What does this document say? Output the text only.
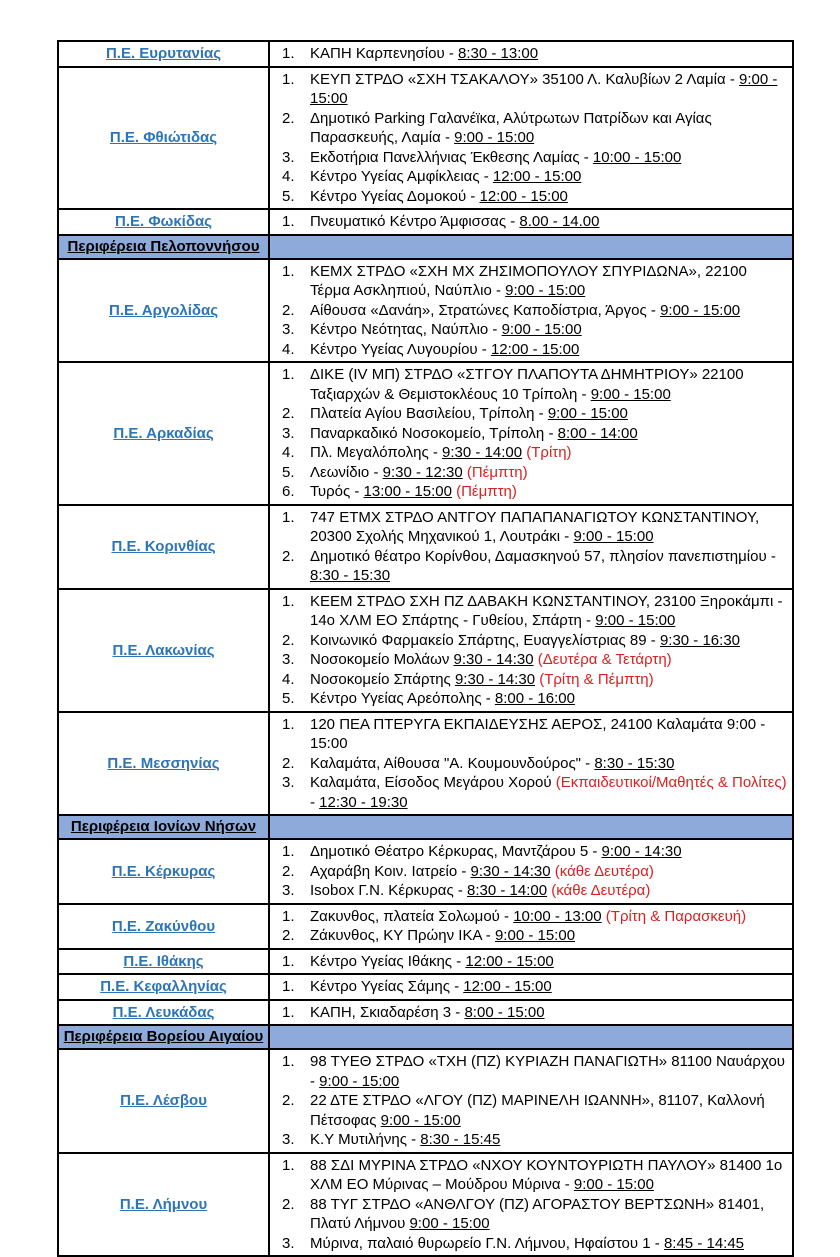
Π.Ε. Ευρυτανίας	1. ΚΑΠΗ Καρπενησίου - 8:30 - 13:00

Π.Ε. Φθιώτιδας	
1. ΚΕΥΠ ΣΤΡΔΟ «ΣΧΗ ΤΣΑΚΑΛΟΥ» 35100 Λ. Καλυβίων 2 Λαμία - 9:00 - 15:00
2. Δημοτικό Parking Γαλανέϊκα, Αλύτρωτων Πατρίδων και Αγίας Παρασκευής, Λαμία - 9:00 - 15:00
3. Εκδοτήρια Πανελλήνιας Έκθεσης Λαμίας - 10:00 - 15:00
4. Κέντρο Υγείας Αμφίκλειας - 12:00 - 15:00
5. Κέντρο Υγείας Δομοκού - 12:00 - 15:00

Π.Ε. Φωκίδας	1. Πνευματικό Κέντρο Άμφισσας - 8.00 - 14.00

Περιφέρεια Πελοποννήσου	

Π.Ε. Αργολίδας	
1. ΚΕΜΧ ΣΤΡΔΟ «ΣΧΗ ΜΧ ΖΗΣΙΜΟΠΟΥΛΟΥ ΣΠΥΡΙΔΩΝΑ», 22100 Τέρμα Ασκληπιού, Ναύπλιο - 9:00 - 15:00
2. Αίθουσα «Δανάη», Στρατώνες Καποδίστρια, Άργος - 9:00 - 15:00
3. Κέντρο Νεότητας, Ναύπλιο - 9:00 - 15:00
4. Κέντρο Υγείας Λυγουρίου - 12:00 - 15:00

Π.Ε. Αρκαδίας	
1. ΔΙΚΕ (ΙV ΜΠ) ΣΤΡΔΟ «ΣΤΓΟΥ ΠΛΑΠΟΥΤΑ ΔΗΜΗΤΡΙΟΥ» 22100 Ταξιαρχών & Θεμιστοκλέους 10 Τρίπολη - 9:00 - 15:00
2. Πλατεία Αγίου Βασιλείου, Τρίπολη - 9:00 - 15:00
3. Παναρκαδικό Νοσοκομείο, Τρίπολη - 8:00 - 14:00
4. Πλ. Μεγαλόπολης - 9:30 - 14:00 (Τρίτη)
5. Λεωνίδιο - 9:30 - 12:30 (Πέμπτη)
6. Τυρός - 13:00 - 15:00 (Πέμπτη)

Π.Ε. Κορινθίας	
1. 747 ΕΤΜΧ ΣΤΡΔΟ ΑΝΤΓΟΥ ΠΑΠΑΠΑΝΑΓΙΩΤΟΥ ΚΩΝΣΤΑΝΤΙΝΟΥ, 20300 Σχολής Μηχανικού 1, Λουτράκι - 9:00 - 15:00
2. Δημοτικό θέατρο Κορίνθου, Δαμασκηνού 57, πλησίον πανεπιστημίου - 8:30 - 15:30

Π.Ε. Λακωνίας	
1. ΚΕΕΜ ΣΤΡΔΟ ΣΧΗ ΠΖ ΔΑΒΑΚΗ ΚΩΝΣΤΑΝΤΙΝΟΥ, 23100 Ξηροκάμπι - 14ο ΧΛΜ ΕΟ Σπάρτης - Γυθείου, Σπάρτη - 9:00 - 15:00
2. Κοινωνικό Φαρμακείο Σπάρτης, Ευαγγελίστριας 89 - 9:30 - 16:30
3. Νοσοκομείο Μολάων 9:30 - 14:30 (Δευτέρα & Τετάρτη)
4. Νοσοκομείο Σπάρτης 9:30 - 14:30 (Τρίτη & Πέμπτη)
5. Κέντρο Υγείας Αρεόπολης - 8:00 - 16:00

Π.Ε. Μεσσηνίας	
1. 120 ΠΕΑ ΠΤΕΡΥΓΑ ΕΚΠΑΙΔΕΥΣΗΣ ΑΕΡΟΣ, 24100 Καλαμάτα 9:00 - 15:00
2. Καλαμάτα, Αίθουσα "Α. Κουμουνδούρος" - 8:30 - 15:30
3. Καλαμάτα, Είσοδος Μεγάρου Χορού (Εκπαιδευτικοί/Μαθητές & Πολίτες) - 12:30 - 19:30

Περιφέρεια Ιονίων Νήσων	

Π.Ε. Κέρκυρας	
1. Δημοτικό Θέατρο Κέρκυρας, Μαντζάρου 5 - 9:00 - 14:30
2. Αχαράβη Κοιν. Ιατρείο - 9:30 - 14:30 (κάθε Δευτέρα)
3. Isobox Γ.Ν. Κέρκυρας - 8:30 - 14:00 (κάθε Δευτέρα)

Π.Ε. Ζακύνθου	
1. Ζακυνθος, πλατεία Σολωμού - 10:00 - 13:00 (Τρίτη & Παρασκευή)
2. Ζάκυνθος, ΚΥ Πρώην ΙΚΑ - 9:00 - 15:00

Π.Ε. Ιθάκης	1. Κέντρο Υγείας Ιθάκης - 12:00 - 15:00

Π.Ε. Κεφαλληνίας	1. Κέντρο Υγείας Σάμης - 12:00 - 15:00

Π.Ε. Λευκάδας	1. ΚΑΠΗ, Σκιαδαρέση 3 - 8:00 - 15:00

Περιφέρεια Βορείου Αιγαίου	

Π.Ε. Λέσβου	
1. 98 ΤΥΕΘ ΣΤΡΔΟ «ΤΧΗ (ΠΖ) ΚΥΡΙΑΖΗ ΠΑΝΑΓΙΩΤΗ» 81100 Ναυάρχου - 9:00 - 15:00
2. 22 ΔΤΕ ΣΤΡΔΟ «ΛΓΟΥ (ΠΖ) ΜΑΡΙΝΕΛΗ ΙΩΑΝΝΗ», 81107, Καλλονή Πέτσοφας 9:00 - 15:00
3. Κ.Υ Μυτιλήνης - 8:30 - 15:45

Π.Ε. Λήμνου	
1. 88 ΣΔΙ ΜΥΡΙΝΑ ΣΤΡΔΟ «ΝΧΟΥ ΚΟΥΝΤΟΥΡΙΩΤΗ ΠΑΥΛΟΥ» 81400 1ο ΧΛΜ ΕΟ Μύρινας – Μούδρου Μύρινα - 9:00 - 15:00
2. 88 ΤΥΓ ΣΤΡΔΟ «ΑΝΘΛΓΟΥ (ΠΖ) ΑΓΟΡΑΣΤΟΥ ΒΕΡΤΣΩΝΗ» 81401, Πλατύ Λήμνου 9:00 - 15:00
3. Μύρινα, παλαιό θυρωρείο Γ.Ν. Λήμνου, Ηφαίστου 1 - 8:45 - 14:45
